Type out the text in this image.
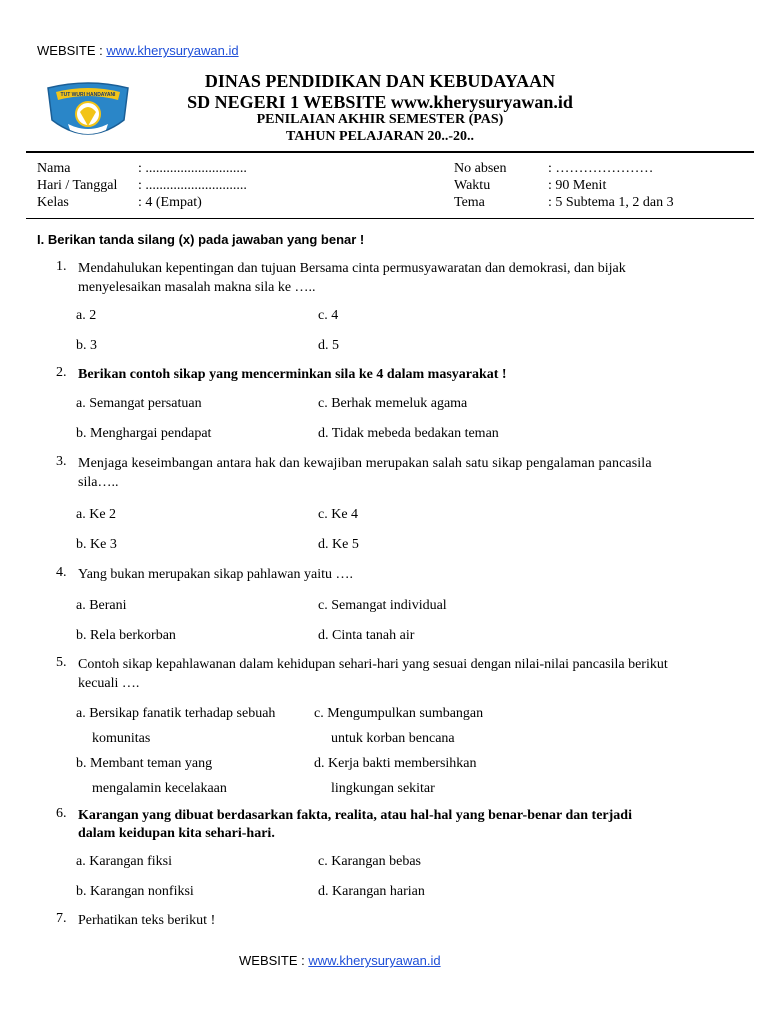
WEBSITE : www.kherysuryawan.id
TUT WURI HANDAYANI
DINAS PENDIDIKAN DAN KEBUDAYAAN
SD NEGERI 1 WEBSITE www.kherysuryawan.id
PENILAIAN AKHIR SEMESTER (PAS)
TAHUN PELAJARAN 20..-20..
Nama	: .............................
Hari / Tanggal : .............................
Kelas	: 4 (Empat)
No absen	: …………………
Waktu	: 90 Menit
Tema	: 5 Subtema 1, 2 dan 3
I. Berikan tanda silang (x) pada jawaban yang benar !
1. Mendahulukan kepentingan dan tujuan Bersama cinta permusyawaratan dan demokrasi, dan bijak
menyelesaikan masalah makna sila ke …..
a. 2
b. 3
c. 4
d. 5
2. Berikan contoh sikap yang mencerminkan sila ke 4 dalam masyarakat !
a. Semangat persatuan
b. Menghargai pendapat
c. Berhak memeluk agama
d. Tidak mebeda bedakan teman
3. Menjaga keseimbangan antara hak dan kewajiban merupakan salah satu sikap pengalaman pancasila
sila…..
a. Ke 2
b. Ke 3
c. Ke 4
d. Ke 5
4. Yang bukan merupakan sikap pahlawan yaitu ….
a. Berani
b. Rela berkorban
c. Semangat individual
d. Cinta tanah air
5. Contoh sikap kepahlawanan dalam kehidupan sehari-hari yang sesuai dengan nilai-nilai pancasila berikut
kecuali ….
a. Bersikap fanatik terhadap sebuah
komunitas
b. Membant teman yang
mengalamin kecelakaan
c. Mengumpulkan sumbangan
untuk korban bencana
d. Kerja bakti membersihkan
lingkungan sekitar
6. Karangan yang dibuat berdasarkan fakta, realita, atau hal-hal yang benar-benar dan terjadi
dalam keidupan kita sehari-hari.
a. Karangan fiksi
b. Karangan nonfiksi
c. Karangan bebas
d. Karangan harian
7. Perhatikan teks berikut !
WEBSITE : www.kherysuryawan.id
